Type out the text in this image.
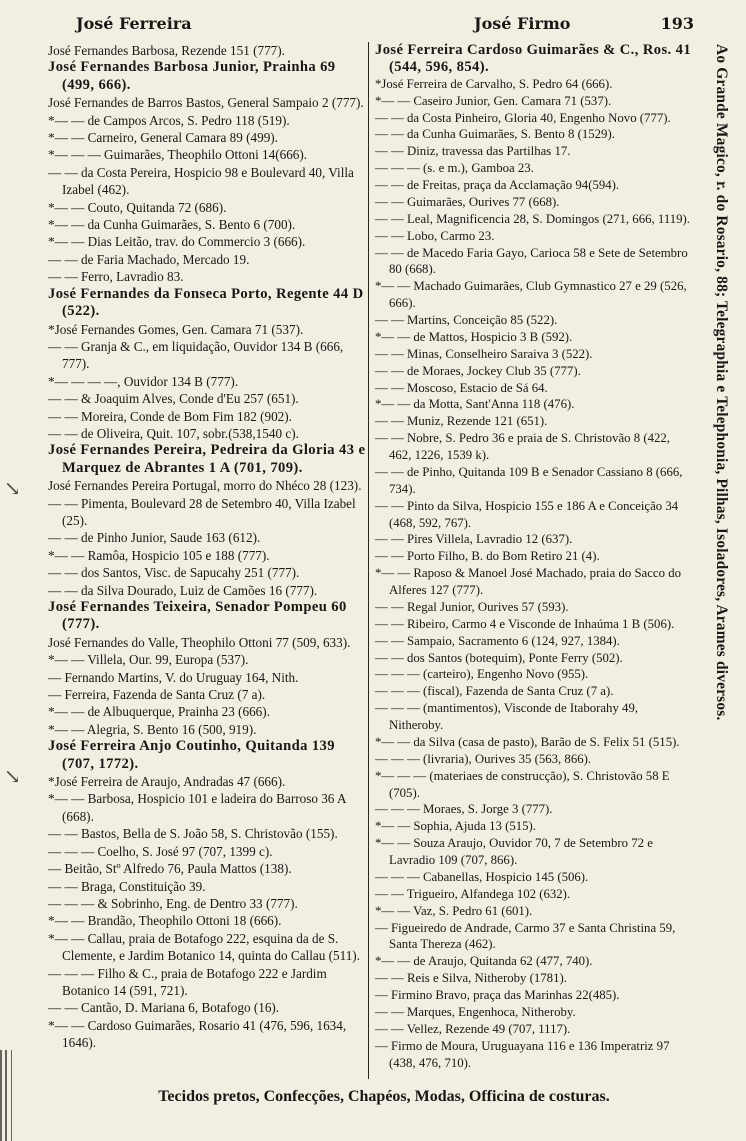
José Ferreira	José Firmo	193

José Fernandes Barbosa, Rezende 151 (777).

José Fernandes Barbosa Junior, Prainha 69 (499, 666).

José Fernandes de Barros Bastos, General Sampaio 2 (777).

*— — de Campos Arcos, S. Pedro 118 (519).

*— — Carneiro, General Camara 89 (499).

*— — — Guimarães, Theophilo Ottoni 14(666).

— — da Costa Pereira, Hospicio 98 e Boulevard 40, Villa Izabel (462).

*— — Couto, Quitanda 72 (686).

*— — da Cunha Guimarães, S. Bento 6 (700).

*— — Dias Leitão, trav. do Commercio 3 (666).

— — de Faria Machado, Mercado 19.

— — Ferro, Lavradio 83.

José Fernandes da Fonseca Porto, Regente 44 D (522).

*José Fernandes Gomes, Gen. Camara 71 (537).

— — Granja & C., em liquidação, Ouvidor 134 B (666, 777).

*— — — —, Ouvidor 134 B (777).

— — & Joaquim Alves, Conde d'Eu 257 (651).

— — Moreira, Conde de Bom Fim 182 (902).

— — de Oliveira, Quit. 107, sobr.(538,1540 c).

José Fernandes Pereira, Pedreira da Gloria 43 e Marquez de Abrantes 1 A (701, 709).

José Fernandes Pereira Portugal, morro do Nhéco 28 (123).

— — Pimenta, Boulevard 28 de Setembro 40, Villa Izabel (25).

— — de Pinho Junior, Saude 163 (612).

*— — Ramôa, Hospicio 105 e 188 (777).

— — dos Santos, Visc. de Sapucahy 251 (777).

— — da Silva Dourado, Luiz de Camões 16 (777).

José Fernandes Teixeira, Senador Pompeu 60 (777).

José Fernandes do Valle, Theophilo Ottoni 77 (509, 633).

*— — Villela, Our. 99, Europa (537).

— Fernando Martins, V. do Uruguay 164, Nith.

— Ferreira, Fazenda de Santa Cruz (7 a).

*— — de Albuquerque, Prainha 23 (666).

*— — Alegria, S. Bento 16 (500, 919).

José Ferreira Anjo Coutinho, Quitanda 139 (707, 1772).

*José Ferreira de Araujo, Andradas 47 (666).

*— — Barbosa, Hospicio 101 e ladeira do Barroso 36 A (668).

— — Bastos, Bella de S. João 58, S. Christovão (155).

— — — Coelho, S. José 97 (707, 1399 c).

— Beitão, Stº Alfredo 76, Paula Mattos (138).

— — Braga, Constituição 39.

— — — & Sobrinho, Eng. de Dentro 33 (777).

*— — Brandão, Theophilo Ottoni 18 (666).

*— — Callau, praia de Botafogo 222, esquina da de S. Clemente, e Jardim Botanico 14, quinta do Callau (511).

— — — Filho & C., praia de Botafogo 222 e Jardim Botanico 14 (591, 721).

— — Cantão, D. Mariana 6, Botafogo (16).

*— — Cardoso Guimarães, Rosario 41 (476, 596, 1634, 1646).

José Ferreira Cardoso Guimarães & C., Ros. 41 (544, 596, 854).

*José Ferreira de Carvalho, S. Pedro 64 (666).

*— — Caseiro Junior, Gen. Camara 71 (537).

— — da Costa Pinheiro, Gloria 40, Engenho Novo (777).

— — da Cunha Guimarães, S. Bento 8 (1529).

— — Diniz, travessa das Partilhas 17.

— — — (s. e m.), Gamboa 23.

— — de Freitas, praça da Acclamação 94(594).

— — Guimarães, Ourives 77 (668).

— — Leal, Magnificencia 28, S. Domingos (271, 666, 1119).

— — Lobo, Carmo 23.

— — de Macedo Faria Gayo, Carioca 58 e Sete de Setembro 80 (668).

*— — Machado Guimarães, Club Gymnastico 27 e 29 (526, 666).

— — Martins, Conceição 85 (522).

*— — de Mattos, Hospicio 3 B (592).

— — Minas, Conselheiro Saraiva 3 (522).

— — de Moraes, Jockey Club 35 (777).

— — Moscoso, Estacio de Sá 64.

*— — da Motta, Sant'Anna 118 (476).

— — Muniz, Rezende 121 (651).

— — Nobre, S. Pedro 36 e praia de S. Christovão 8 (422, 462, 1226, 1539 k).

— — de Pinho, Quitanda 109 B e Senador Cassiano 8 (666, 734).

— — Pinto da Silva, Hospicio 155 e 186 A e Conceição 34 (468, 592, 767).

— — Pires Villela, Lavradio 12 (637).

— — Porto Filho, B. do Bom Retiro 21 (4).

*— — Raposo & Manoel José Machado, praia do Sacco do Alferes 127 (777).

— — Regal Junior, Ourives 57 (593).

— — Ribeiro, Carmo 4 e Visconde de Inhaúma 1 B (506).

— — Sampaio, Sacramento 6 (124, 927, 1384).

— — dos Santos (botequim), Ponte Ferry (502).

— — — (carteiro), Engenho Novo (955).

— — — (fiscal), Fazenda de Santa Cruz (7 a).

— — — (mantimentos), Visconde de Itaborahy 49, Nitheroby.

*— — da Silva (casa de pasto), Barão de S. Felix 51 (515).

— — — (livraria), Ourives 35 (563, 866).

*— — — (materiaes de construcção), S. Christovão 58 E (705).

— — — Moraes, S. Jorge 3 (777).

*— — Sophia, Ajuda 13 (515).

*— — Souza Araujo, Ouvidor 70, 7 de Setembro 72 e Lavradio 109 (707, 866).

— — — Cabanellas, Hospicio 145 (506).

— — Trigueiro, Alfandega 102 (632).

*— — Vaz, S. Pedro 61 (601).

— Figueiredo de Andrade, Carmo 37 e Santa Christina 59, Santa Thereza (462).

*— — de Araujo, Quitanda 62 (477, 740).

— — Reis e Silva, Nitheroby (1781).

— Firmino Bravo, praça das Marinhas 22(485).

— — Marques, Engenhoca, Nitheroby.

— — Vellez, Rezende 49 (707, 1117).

— Firmo de Moura, Uruguayana 116 e 136 Imperatriz 97 (438, 476, 710).

Ao Grande Magico, r. do Rosario, 88; Telegraphia e Telephonia, Pilhas, Isoladores, Arames diversos.
Tecidos pretos, Confecções, Chapéos, Modas, Officina de costuras.
↘
↘
